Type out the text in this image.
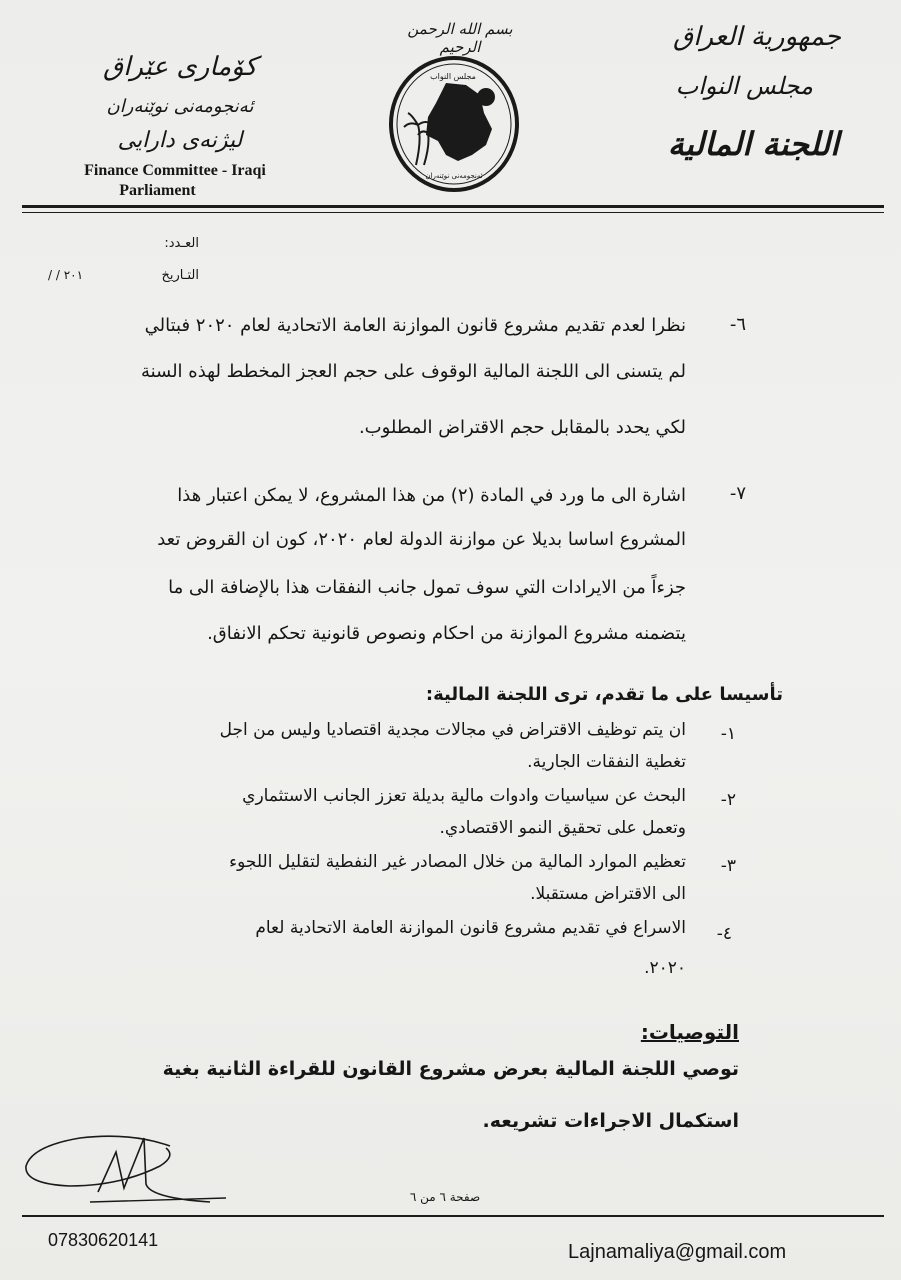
جمهورية العراق
مجلس النواب
اللجنة المالية
بسم الله الرحمن الرحيم
مجلس النواب
ئەنجومەنی نوێنەران
کۆماری عێراق
ئەنجومەنی نوێنەران
لیژنەی دارایی
Finance Committee - Iraqi
Parliament
العـدد:
التـاريخ
/ / ٢٠١
٦-
نظرا لعدم تقديم مشروع قانون الموازنة العامة الاتحادية لعام ٢٠٢٠ فبتالي
لم يتسنى الى اللجنة المالية الوقوف على حجم العجز المخطط لهذه السنة
لكي يحدد بالمقابل حجم الاقتراض المطلوب.
٧-
اشارة الى ما ورد في المادة (٢) من هذا المشروع، لا يمكن اعتبار هذا
المشروع اساسا بديلا عن موازنة الدولة لعام ٢٠٢٠، كون ان القروض تعد
جزءاً من الايرادات التي سوف تمول جانب النفقات هذا بالإضافة الى ما
يتضمنه مشروع الموازنة من احكام ونصوص قانونية تحكم الانفاق.
تأسيسا على ما تقدم، ترى اللجنة المالية:
١-
ان يتم توظيف الاقتراض في مجالات مجدية اقتصاديا وليس من اجل
تغطية النفقات الجارية.
٢-
البحث عن سياسيات وادوات مالية بديلة تعزز الجانب الاستثماري
وتعمل على تحقيق النمو الاقتصادي.
٣-
تعظيم الموارد المالية من خلال المصادر غير النفطية لتقليل اللجوء
الى الاقتراض مستقبلا.
٤-
الاسراع في تقديم مشروع قانون الموازنة العامة الاتحادية لعام
٢٠٢٠.
التوصيات:
توصي اللجنة المالية بعرض مشروع القانون للقراءة الثانية بغية
استكمال الاجراءات تشريعه.
صفحة ٦ من ٦
07830620141
Lajnamaliya@gmail.com
